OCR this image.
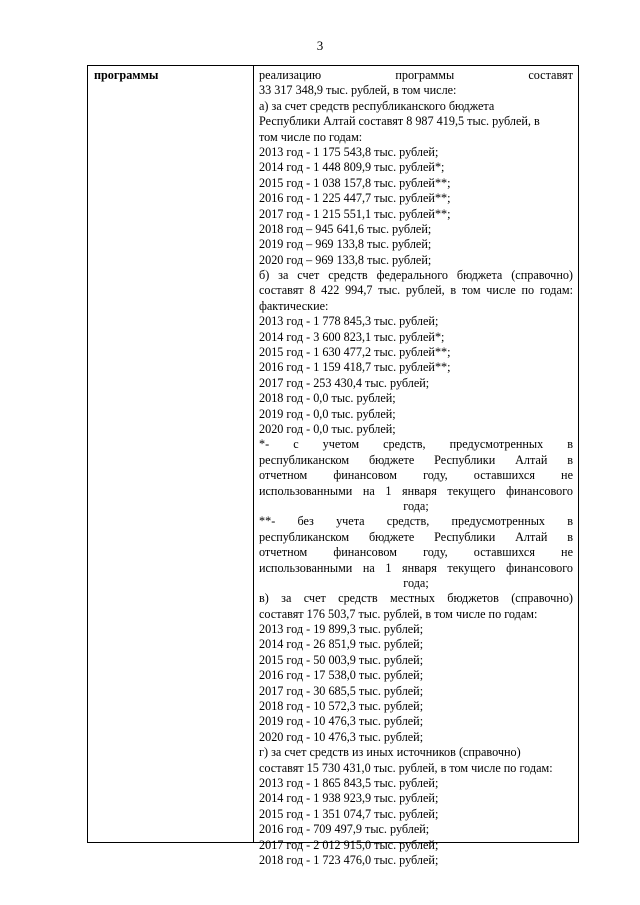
3
программы	реализацию программы составят
33 317 348,9 тыс. рублей, в том числе:
а) за счет средств республиканского бюджета
Республики Алтай составят 8 987 419,5 тыс. рублей, в
том числе по годам:
2013 год - 1 175 543,8 тыс. рублей;
2014 год - 1 448 809,9 тыс. рублей*;
2015 год - 1 038 157,8 тыс. рублей**;
2016 год - 1 225 447,7 тыс. рублей**;
2017 год - 1 215 551,1 тыс. рублей**;
2018 год – 945 641,6 тыс. рублей;
2019 год – 969 133,8 тыс. рублей;
2020 год – 969 133,8 тыс. рублей;
б) за счет средств федерального бюджета (справочно)
составят 8 422 994,7 тыс. рублей, в том числе по годам:
фактические:
2013 год - 1 778 845,3 тыс. рублей;
2014 год - 3 600 823,1 тыс. рублей*;
2015 год - 1 630 477,2 тыс. рублей**;
2016 год - 1 159 418,7 тыс. рублей**;
2017 год - 253 430,4 тыс. рублей;
2018 год - 0,0 тыс. рублей;
2019 год - 0,0 тыс. рублей;
2020 год - 0,0 тыс. рублей;
*- с учетом средств, предусмотренных в
республиканском бюджете Республики Алтай в
отчетном финансовом году, оставшихся не
использованными на 1 января текущего финансового
года;
**- без учета средств, предусмотренных в
республиканском бюджете Республики Алтай в
отчетном финансовом году, оставшихся не
использованными на 1 января текущего финансового
года;
в) за счет средств местных бюджетов (справочно)
составят 176 503,7 тыс. рублей, в том числе по годам:
2013 год - 19 899,3 тыс. рублей;
2014 год - 26 851,9 тыс. рублей;
2015 год - 50 003,9 тыс. рублей;
2016 год - 17 538,0 тыс. рублей;
2017 год - 30 685,5 тыс. рублей;
2018 год - 10 572,3 тыс. рублей;
2019 год - 10 476,3 тыс. рублей;
2020 год - 10 476,3 тыс. рублей;
г) за счет средств из иных источников (справочно)
составят 15 730 431,0 тыс. рублей, в том числе по годам:
2013 год - 1 865 843,5 тыс. рублей;
2014 год - 1 938 923,9 тыс. рублей;
2015 год - 1 351 074,7 тыс. рублей;
2016 год - 709 497,9 тыс. рублей;
2017 год - 2 012 915,0 тыс. рублей;
2018 год - 1 723 476,0 тыс. рублей;
